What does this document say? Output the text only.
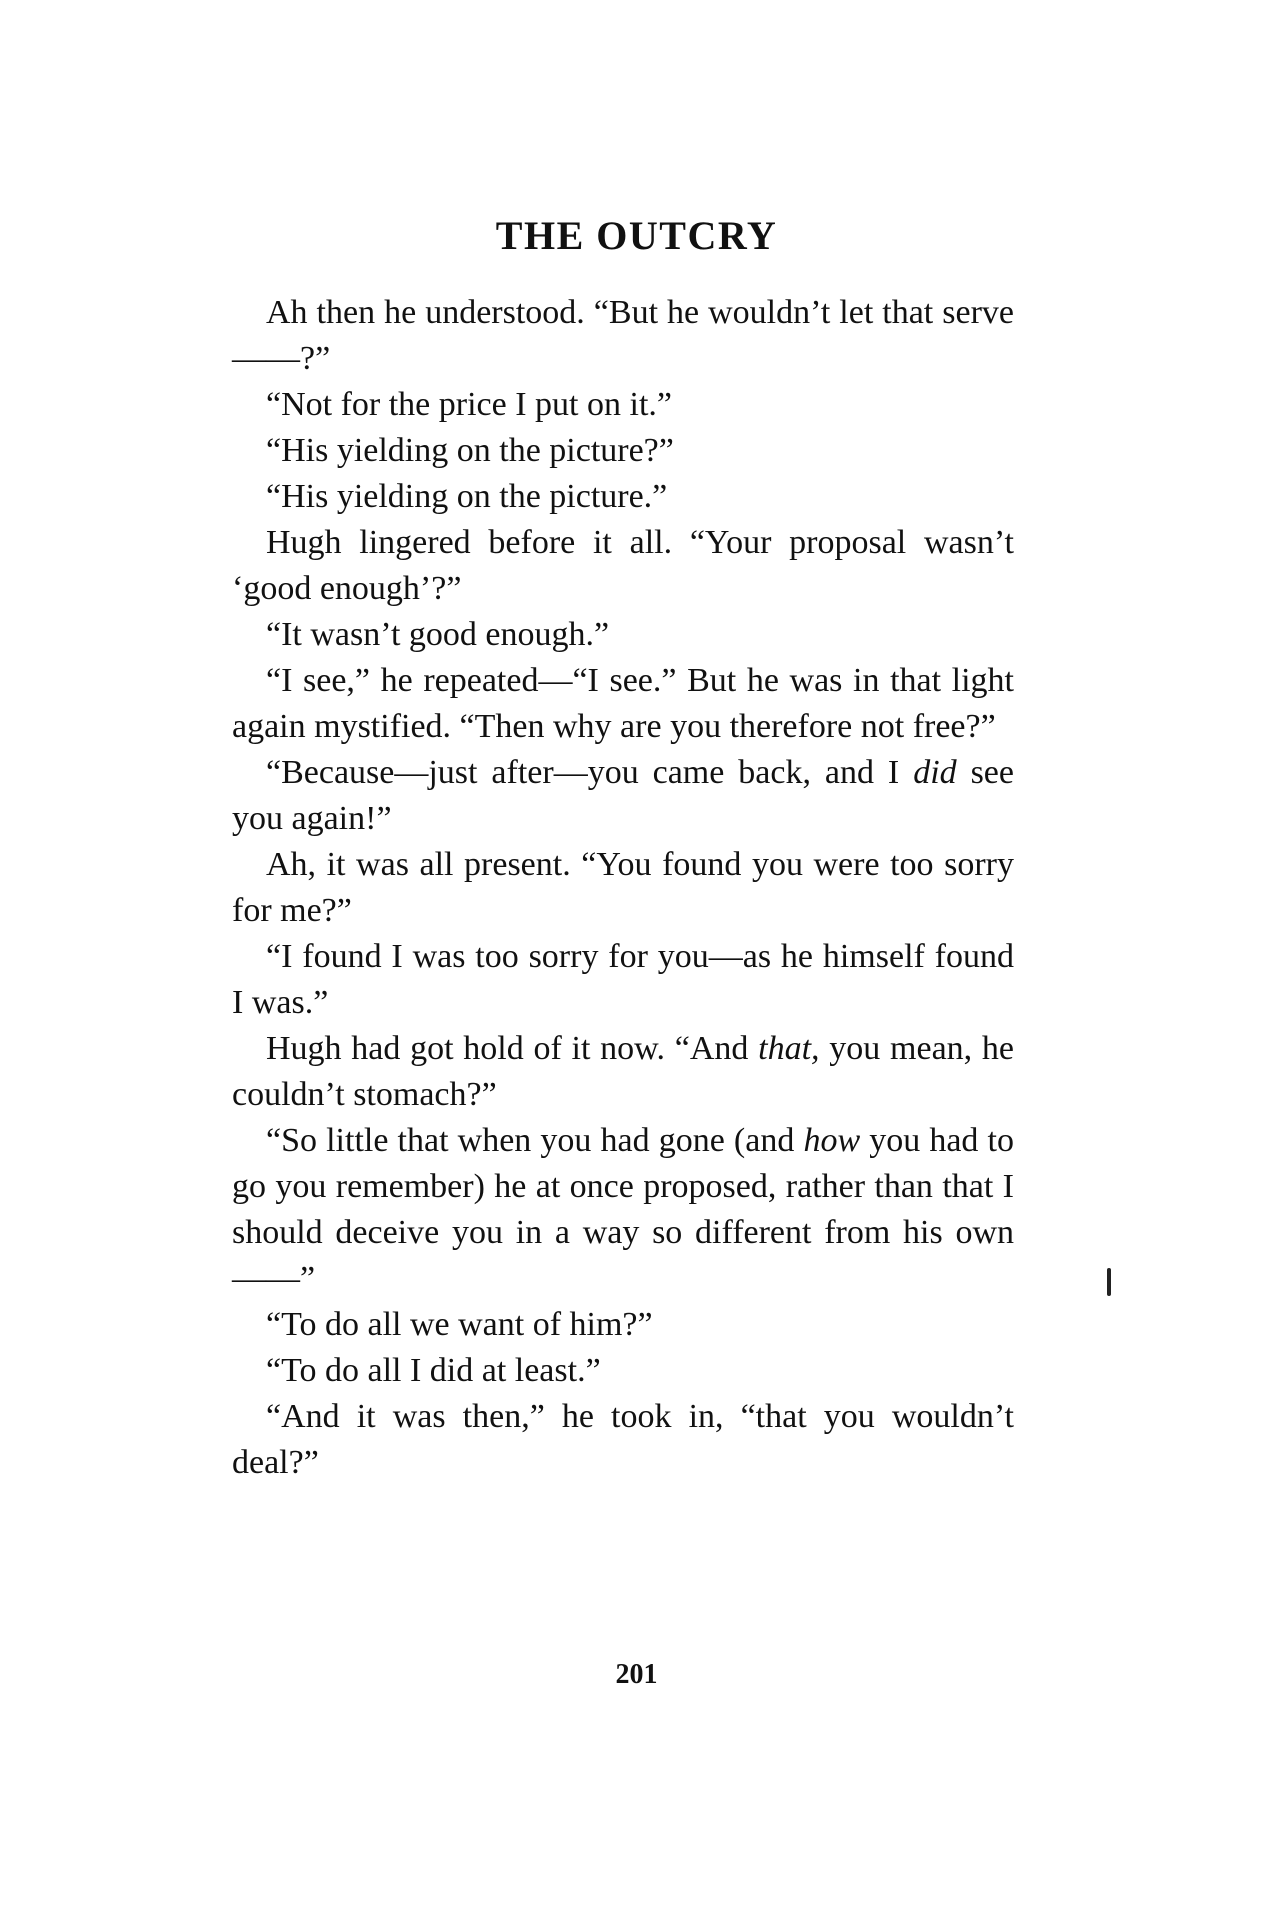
THE OUTCRY

Ah then he understood. “But he wouldn’t let that serve——?”

“Not for the price I put on it.”

“His yielding on the picture?”

“His yielding on the picture.”

Hugh lingered before it all. “Your proposal wasn’t ‘good enough’?”

“It wasn’t good enough.”

“I see,” he repeated—“I see.” But he was in that light again mystified. “Then why are you therefore not free?”

“Because—just after—you came back, and I did see you again!”

Ah, it was all present. “You found you were too sorry for me?”

“I found I was too sorry for you—as he himself found I was.”

Hugh had got hold of it now. “And that, you mean, he couldn’t stomach?”

“So little that when you had gone (and how you had to go you remember) he at once proposed, rather than that I should deceive you in a way so different from his own——”

“To do all we want of him?”

“To do all I did at least.”

“And it was then,” he took in, “that you wouldn’t deal?”

201
